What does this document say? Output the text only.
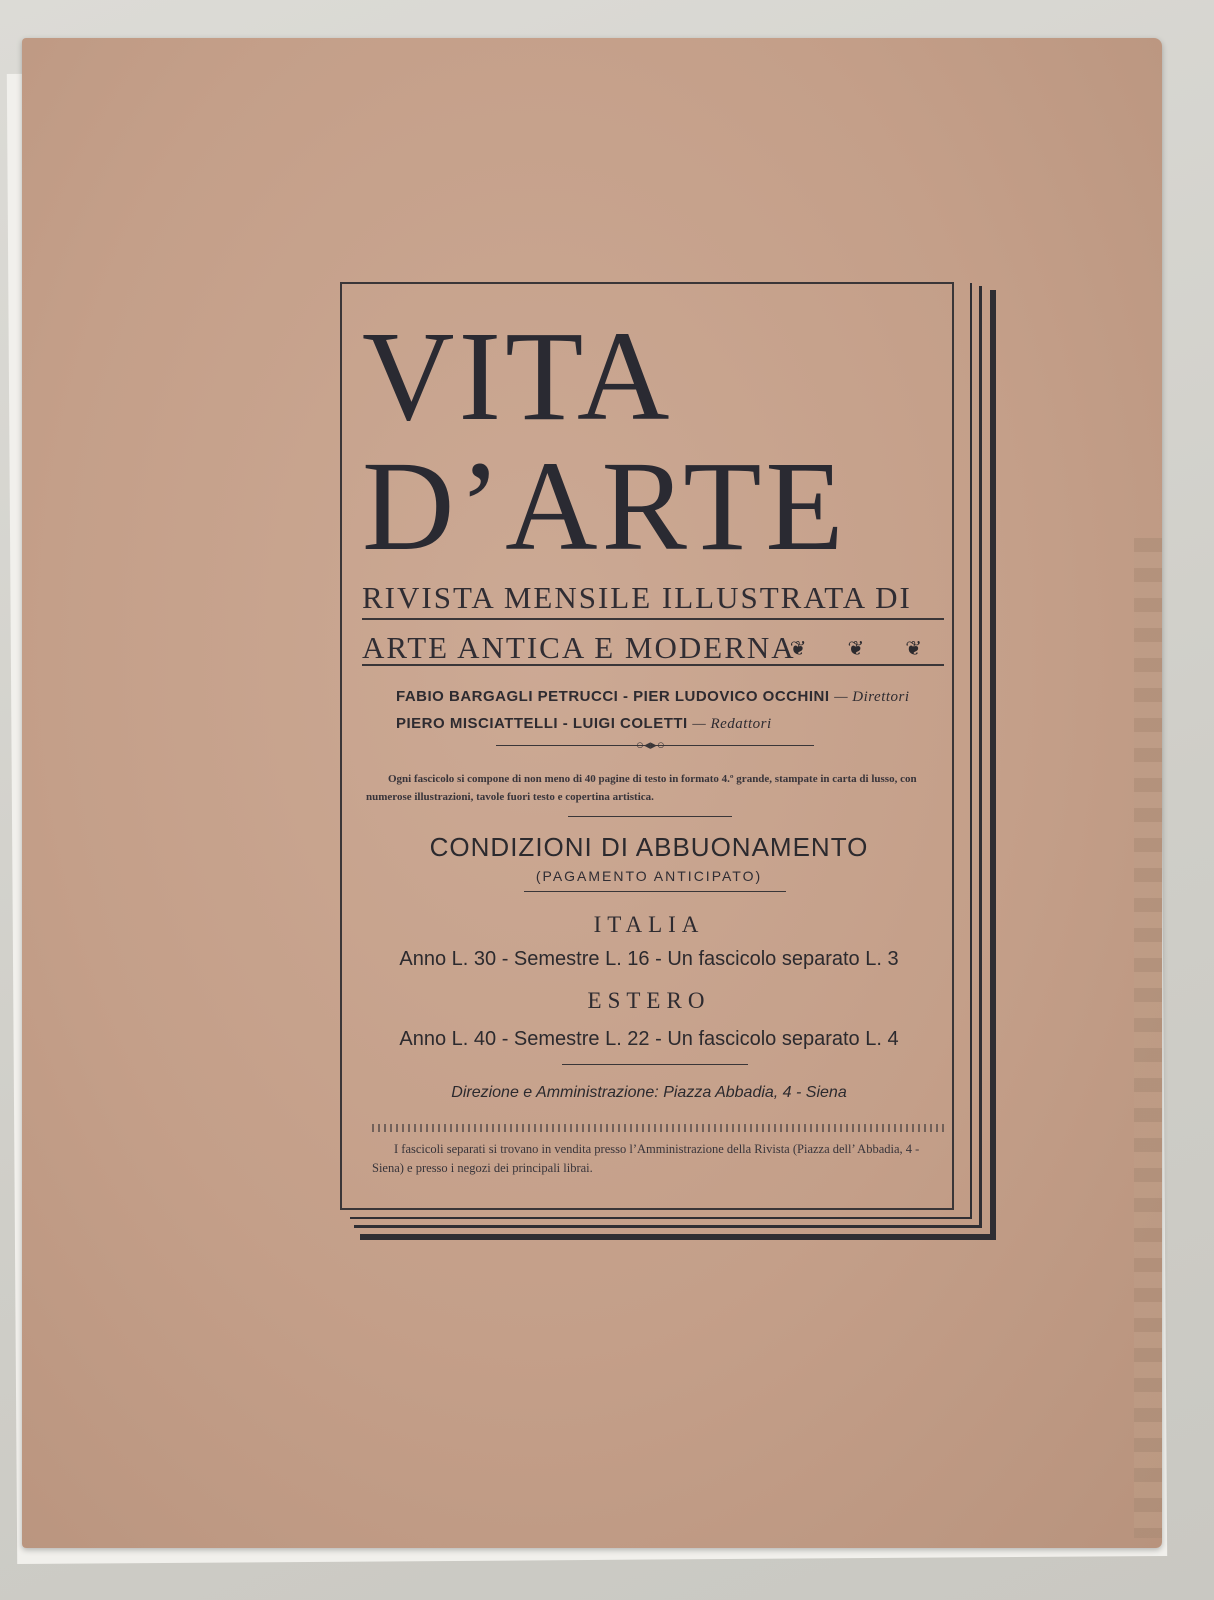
VITA
D’ARTE
RIVISTA MENSILE ILLUSTRATA DI
ARTE ANTICA E MODERNA
❦ ❦ ❦
FABIO BARGAGLI PETRUCCI - PIER LUDOVICO OCCHINI — Direttori
PIERO MISCIATTELLI - LUIGI COLETTI — Redattori
○◂▸○
Ogni fascicolo si compone di non meno di 40 pagine di testo in formato 4.º grande, stampate in carta di lusso, con numerose illustrazioni, tavole fuori testo e copertina artistica.
CONDIZIONI DI ABBUONAMENTO
(PAGAMENTO ANTICIPATO)
ITALIA
Anno L. 30 - Semestre L. 16 - Un fascicolo separato L. 3
ESTERO
Anno L. 40 - Semestre L. 22 - Un fascicolo separato L. 4
Direzione e Amministrazione: Piazza Abbadia, 4 - Siena
I fascicoli separati si trovano in vendita presso l’Amministrazione della Rivista (Piazza dell’ Abbadia, 4 - Siena) e presso i negozi dei principali librai.
